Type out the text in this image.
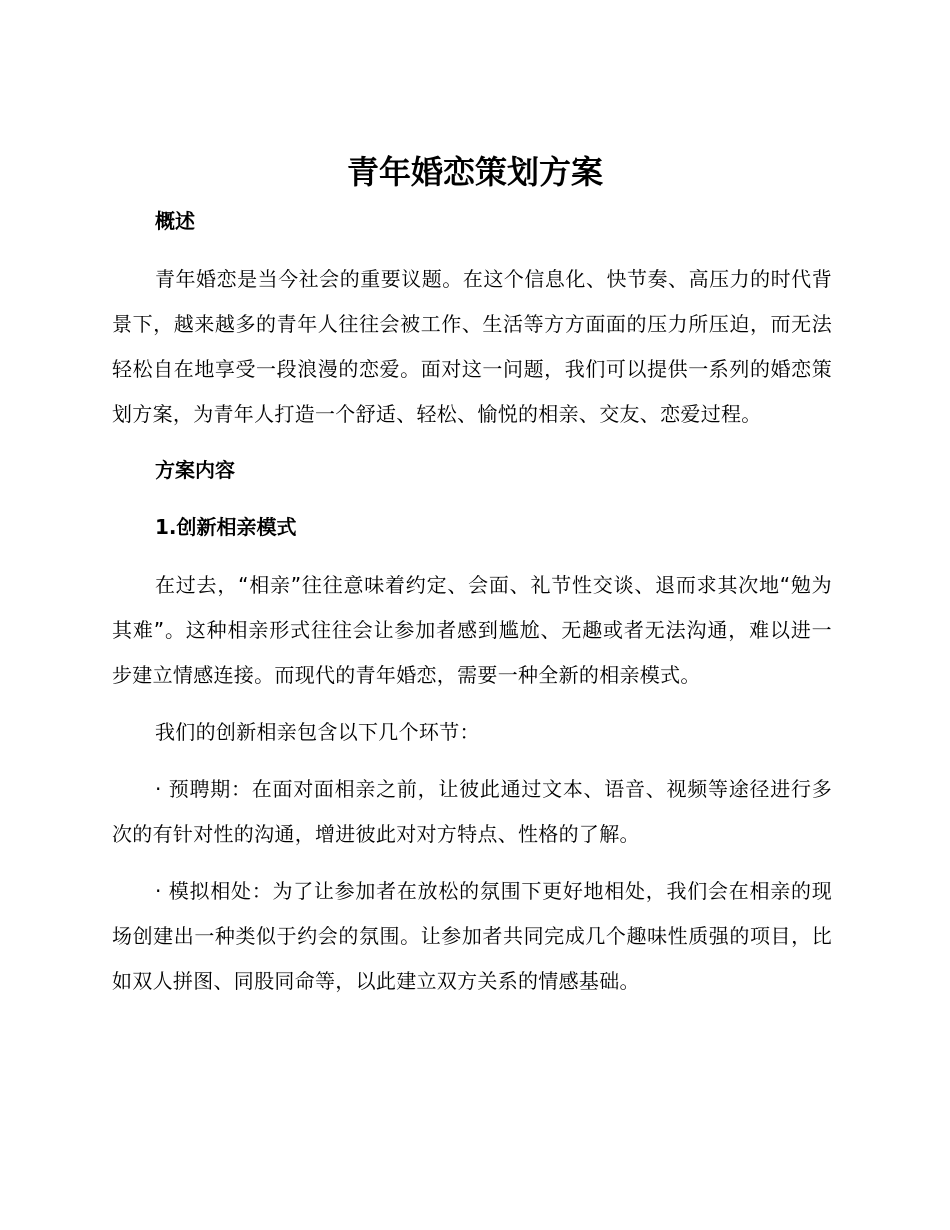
青年婚恋策划方案

概述

青年婚恋是当今社会的重要议题。在这个信息化、快节奏、高压力的时代背景下，越来越多的青年人往往会被工作、生活等方方面面的压力所压迫，而无法轻松自在地享受一段浪漫的恋爱。面对这一问题，我们可以提供一系列的婚恋策划方案，为青年人打造一个舒适、轻松、愉悦的相亲、交友、恋爱过程。

方案内容

1.创新相亲模式

在过去，“相亲”往往意味着约定、会面、礼节性交谈、退而求其次地“勉为其难”。这种相亲形式往往会让参加者感到尴尬、无趣或者无法沟通，难以进一步建立情感连接。而现代的青年婚恋，需要一种全新的相亲模式。

我们的创新相亲包含以下几个环节：

· 预聘期：在面对面相亲之前，让彼此通过文本、语音、视频等途径进行多次的有针对性的沟通，增进彼此对对方特点、性格的了解。

· 模拟相处：为了让参加者在放松的氛围下更好地相处，我们会在相亲的现场创建出一种类似于约会的氛围。让参加者共同完成几个趣味性质强的项目，比如双人拼图、同股同命等，以此建立双方关系的情感基础。
